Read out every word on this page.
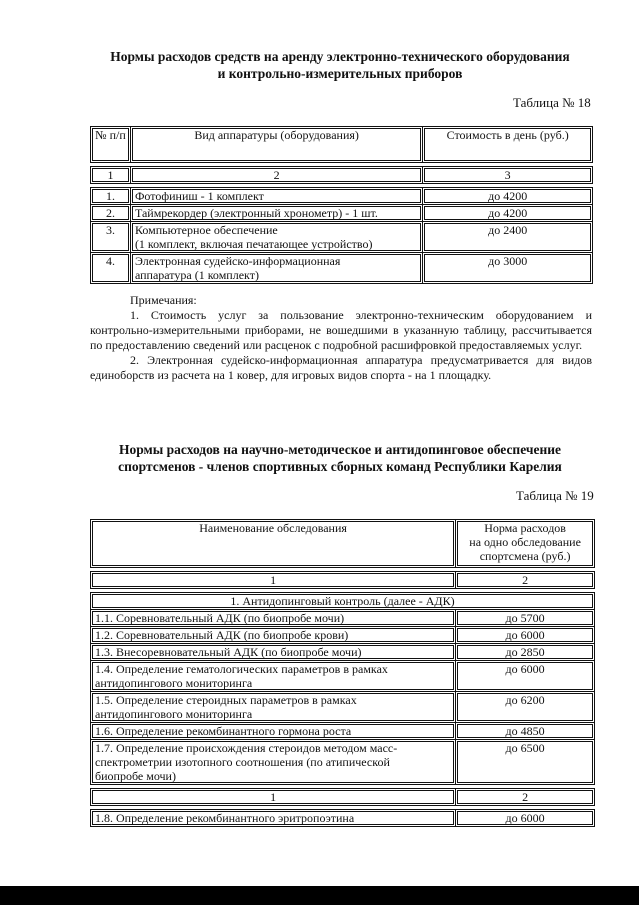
Нормы расходов средств на аренду электронно-технического оборудования
и контрольно-измерительных приборов
Таблица № 18
№ п/п	Вид аппаратуры (оборудования)	Стоимость в день (руб.)

1	2	3

1.	Фотофиниш - 1 комплект	до 4200
2.	Таймрекордер (электронный хронометр) - 1 шт.	до 4200
3.	Компьютерное обеспечение
(1 комплект, включая печатающее устройство)	до 2400
4.	Электронная судейско-информационная
аппаратура (1 комплект)	до 3000

Примечания:

1. Стоимость услуг за пользование электронно-техническим оборудованием и контрольно-измерительными приборами, не вошедшими в указанную таблицу, рассчитывается по предоставлению сведений или расценок с подробной расшифровкой предоставляемых услуг.

2. Электронная судейско-информационная аппаратура предусматривается для видов единоборств из расчета на 1 ковер, для игровых видов спорта - на 1 площадку.

Нормы расходов на научно-методическое и антидопинговое обеспечение
спортсменов - членов спортивных сборных команд Республики Карелия
Таблица № 19
Наименование обследования	Норма расходов
на одно обследование
спортсмена (руб.)

1	2

1. Антидопинговый контроль (далее - АДК)	
1.1. Соревновательный АДК (по биопробе мочи)	до 5700
1.2. Соревновательный АДК (по биопробе крови)	до 6000
1.3. Внесоревновательный АДК (по биопробе мочи)	до 2850

1.4. Определение гематологических параметров в рамках
антидопингового мониторинга	до 6000

1.5. Определение стероидных параметров в рамках
антидопингового мониторинга	до 6200
1.6. Определение рекомбинантного гормона роста	до 4850

1.7. Определение происхождения стероидов методом масс-
спектрометрии изотопного соотношения (по атипической
биопробе мочи)	до 6500

1	2

1.8. Определение рекомбинантного эритропоэтина	до 6000
